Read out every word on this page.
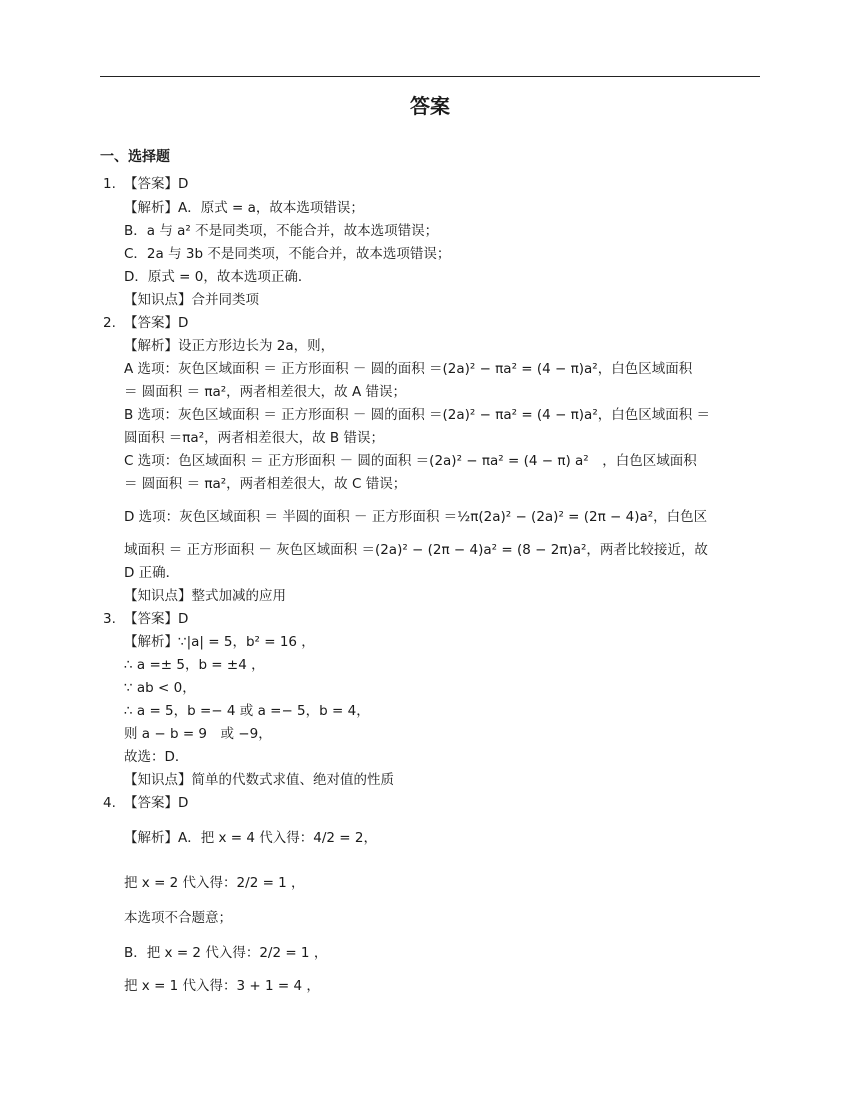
答案
一、选择题
1. 【答案】D
【解析】A．原式 = a，故本选项错误；
B．a 与 a² 不是同类项，不能合并，故本选项错误；
C．2a 与 3b 不是同类项，不能合并，故本选项错误；
D．原式 = 0，故本选项正确．
【知识点】合并同类项
2. 【答案】D
【解析】设正方形边长为 2a，则，
A 选项：灰色区域面积 ＝ 正方形面积 － 圆的面积 ＝(2a)² − πa² = (4 − π)a²，白色区域面积
＝ 圆面积 ＝ πa²，两者相差很大，故 A 错误；
B 选项：灰色区域面积 ＝ 正方形面积 － 圆的面积 ＝(2a)² − πa² = (4 − π)a²，白色区域面积 ＝
圆面积 ＝πa²，两者相差很大，故 B 错误；
C 选项：色区域面积 ＝ 正方形面积 － 圆的面积 ＝(2a)² − πa² = (4 − π) a²　，白色区域面积
＝ 圆面积 ＝ πa²，两者相差很大，故 C 错误；
D 选项：灰色区域面积 ＝ 半圆的面积 － 正方形面积 ＝½π(2a)² − (2a)² = (2π − 4)a²，白色区
域面积 ＝ 正方形面积 － 灰色区域面积 ＝(2a)² − (2π − 4)a² = (8 − 2π)a²，两者比较接近，故
D 正确．
【知识点】整式加减的应用
3. 【答案】D
【解析】∵|a| = 5，b² = 16 ，
∴ a =± 5，b = ±4 ，
∵ ab < 0，
∴ a = 5，b =− 4 或 a =− 5，b = 4，
则 a − b = 9　或 −9，
故选：D．
【知识点】简单的代数式求值、绝对值的性质
4. 【答案】D
【解析】A．把 x = 4 代入得：4/2 = 2，
把 x = 2 代入得：2/2 = 1 ，
本选项不合题意；
B．把 x = 2 代入得：2/2 = 1 ，
把 x = 1 代入得：3 + 1 = 4 ，
